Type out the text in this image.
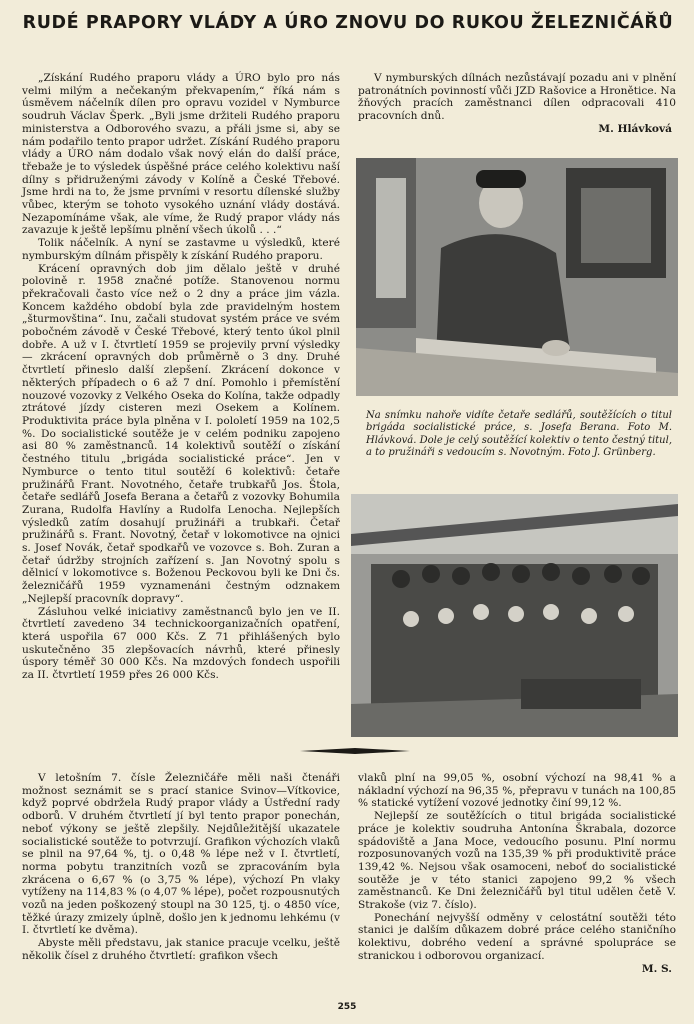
RUDÉ PRAPORY VLÁDY A ÚRO ZNOVU DO RUKOU ŽELEZNIČÁŘŮ

„Získání Rudého praporu vlády a ÚRO bylo pro nás velmi milým a nečekaným překvapením,“ říká nám s úsměvem náčelník dílen pro opravu vozidel v Nymburce soudruh Václav Šperk. „Byli jsme držiteli Rudého praporu ministerstva a Odborového svazu, a přáli jsme si, aby se nám podařilo tento prapor udržet. Získání Rudého praporu vlády a ÚRO nám dodalo však nový elán do další práce, třebaže je to výsledek úspěšné práce celého kolektivu naší dílny s přidruženými závody v Kolíně a České Třebové. Jsme hrdi na to, že jsme prvními v resortu dílenské služby vůbec, kterým se tohoto vysokého uznání vlády dostává. Nezapomínáme však, ale víme, že Rudý prapor vlády nás zavazuje k ještě lepšímu plnění všech úkolů . . .“

Tolik náčelník. A nyní se zastavme u výsledků, které nymburským dílnám přispěly k získání Rudého praporu.

Krácení opravných dob jim dělalo ještě v druhé polovině r. 1958 značné potíže. Stanovenou normu překračovali často více než o 2 dny a práce jim vázla. Koncem každého období byla zde pravidelným hostem „šturmovština“. Inu, začali studovat systém práce ve svém pobočném závodě v České Třebové, který tento úkol plnil dobře. A už v I. čtvrtletí 1959 se projevily první výsledky — zkrácení opravných dob průměrně o 3 dny. Druhé čtvrtletí přineslo další zlepšení. Zkrácení dokonce v některých případech o 6 až 7 dní. Pomohlo i přemístění nouzové vozovky z Velkého Oseka do Kolína, takže odpadly ztrátové jízdy cisteren mezi Osekem a Kolínem. Produktivita práce byla plněna v I. pololetí 1959 na 102,5 %. Do socialistické soutěže je v celém podniku zapojeno asi 80 % zaměstnanců. 14 kolektivů soutěží o získání čestného titulu „brigáda socialistické práce“. Jen v Nymburce o tento titul soutěží 6 kolektivů: četaře pružinářů Frant. Novotného, četaře trubkařů Jos. Štola, četaře sedlářů Josefa Berana a četařů z vozovky Bohumila Zurana, Rudolfa Havlíny a Rudolfa Lenocha. Nejlepších výsledků zatím dosahují pružináři a trubkaři. Četař pružinářů s. Frant. Novotný, četař v lokomotivce na ojnici s. Josef Novák, četař spodkařů ve vozovce s. Boh. Zuran a četař údržby strojních zařízení s. Jan Novotný spolu s dělnicí v lokomotivce s. Boženou Peckovou byli ke Dni čs. železničářů 1959 vyznamenáni čestným odznakem „Nejlepší pracovník dopravy“.

Zásluhou velké iniciativy zaměstnanců bylo jen ve II. čtvrtletí zavedeno 34 technickoorganizačních opatření, která uspořila 67 000 Kčs. Z 71 přihlášených bylo uskutečněno 35 zlepšovacích návrhů, které přinesly úspory téměř 30 000 Kčs. Na mzdových fondech uspořili za II. čtvrtletí 1959 přes 26 000 Kčs.

V nymburských dílnách nezůstávají pozadu ani v plnění patronátních povinností vůči JZD Rašovice a Hronětice. Na žňových pracích zaměstnanci dílen odpracovali 410 pracovních dnů.

M. Hlávková
Na snímku nahoře vidíte četaře sedlářů, soutěžících o titul brigáda socialistické práce, s. Josefa Berana. Foto M. Hlávková. Dole je celý soutěžící kolektiv o tento čestný titul, a to pružináři s vedoucím s. Novotným. Foto J. Grünberg.

V letošním 7. čísle Železničáře měli naši čtenáři možnost seznámit se s prací stanice Svinov—Vítkovice, když poprvé obdržela Rudý prapor vlády a Ústřední rady odborů. V druhém čtvrtletí jí byl tento prapor ponechán, neboť výkony se ještě zlepšily. Nejdůležitější ukazatele socialistické soutěže to potvrzují. Grafikon výchozích vlaků se plnil na 97,64 %, tj. o 0,48 % lépe než v I. čtvrtletí, norma pobytu tranzitních vozů se zpracováním byla zkrácena o 6,67 % (o 3,75 % lépe), výchozí Pn vlaky vytíženy na 114,83 % (o 4,07 % lépe), počet rozpousnutých vozů na jeden poškozený stoupl na 30 125, tj. o 4850 více, těžké úrazy zmizely úplně, došlo jen k jednomu lehkému (v I. čtvrtletí ke dvěma).

Abyste měli představu, jak stanice pracuje vcelku, ještě několik čísel z druhého čtvrtletí: grafikon všech

vlaků plní na 99,05 %, osobní výchozí na 98,41 % a nákladní výchozí na 96,35 %, přepravu v tunách na 100,85 % statické vytížení vozové jednotky činí 99,12 %.

Nejlepší ze soutěžících o titul brigáda socialistické práce je kolektiv soudruha Antonína Škrabala, dozorce spádoviště a Jana Moce, vedoucího posunu. Plní normu rozposunovaných vozů na 135,39 % při produktivitě práce 139,42 %. Nejsou však osamoceni, neboť do socialistické soutěže je v této stanici zapojeno 99,2 % všech zaměstnanců. Ke Dni železničářů byl titul udělen četě V. Strakoše (viz 7. číslo).

Ponechání nejvyšší odměny v celostátní soutěži této stanici je dalším důkazem dobré práce celého staničního kolektivu, dobrého vedení a správné spolupráce se stranickou i odborovou organizací.

M. S.
255
